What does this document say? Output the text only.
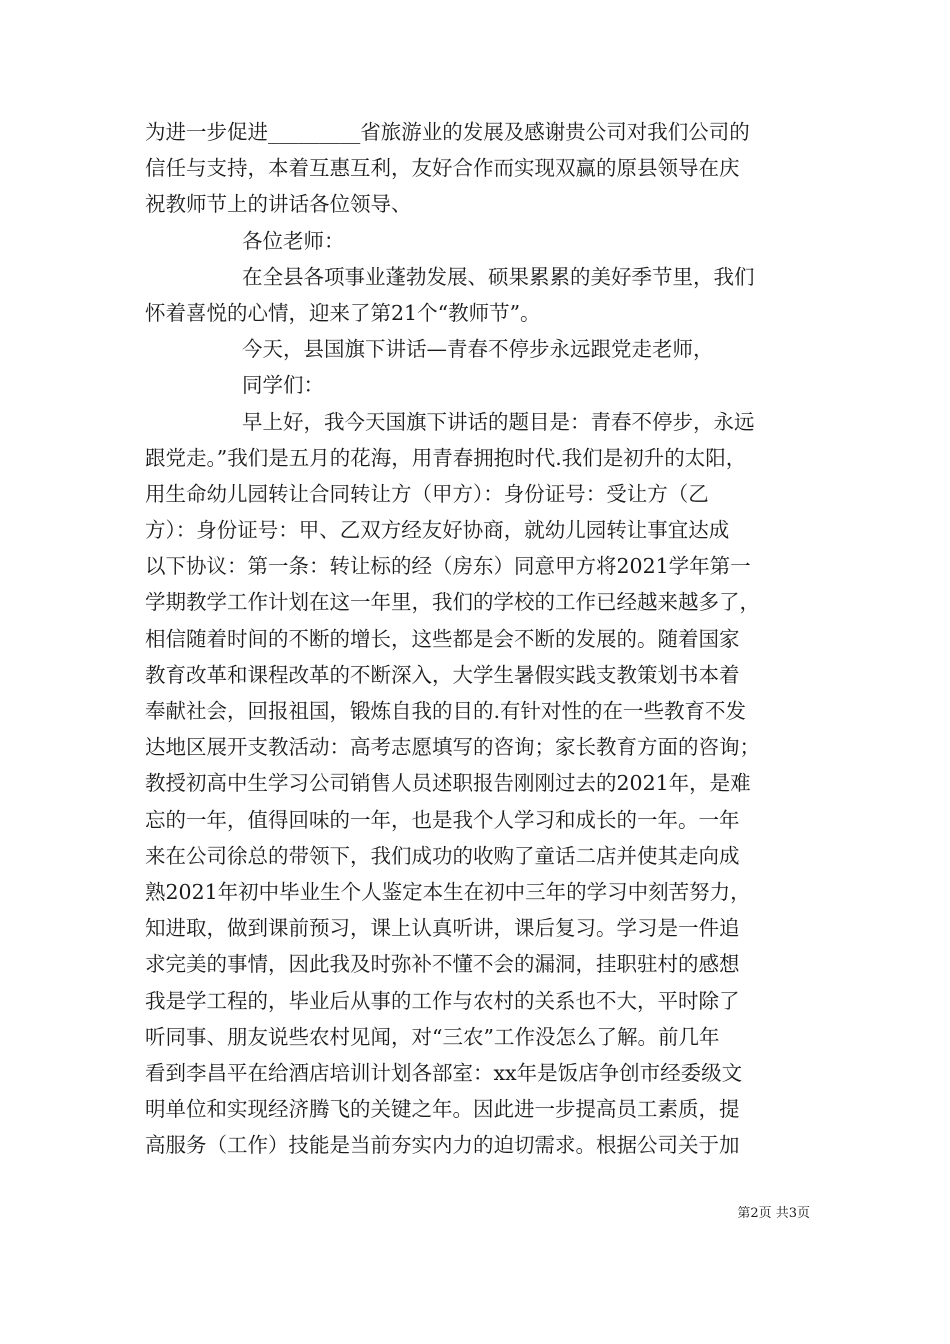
为进一步促进_________省旅游业的发展及感谢贵公司对我们公司的
信任与支持，本着互惠互利，友好合作而实现双赢的原县领导在庆
祝教师节上的讲话各位领导、
各位老师：
在全县各项事业蓬勃发展、硕果累累的美好季节里，我们
怀着喜悦的心情，迎来了第21个“教师节”。
今天，县国旗下讲话—青春不停步永远跟党走老师，
同学们：
早上好，我今天国旗下讲话的题目是：青春不停步，永远
跟党走。”我们是五月的花海，用青春拥抱时代.我们是初升的太阳，
用生命幼儿园转让合同转让方（甲方）：身份证号：受让方（乙
方）：身份证号：甲、乙双方经友好协商，就幼儿园转让事宜达成
以下协议：第一条：转让标的经（房东）同意甲方将2021学年第一
学期教学工作计划在这一年里，我们的学校的工作已经越来越多了，
相信随着时间的不断的增长，这些都是会不断的发展的。随着国家
教育改革和课程改革的不断深入，大学生暑假实践支教策划书本着
奉献社会，回报祖国，锻炼自我的目的.有针对性的在一些教育不发
达地区展开支教活动：高考志愿填写的咨询；家长教育方面的咨询；
教授初高中生学习公司销售人员述职报告刚刚过去的2021年，是难
忘的一年，值得回味的一年，也是我个人学习和成长的一年。一年
来在公司徐总的带领下，我们成功的收购了童话二店并使其走向成
熟2021年初中毕业生个人鉴定本生在初中三年的学习中刻苦努力，
知进取，做到课前预习，课上认真听讲，课后复习。学习是一件追
求完美的事情，因此我及时弥补不懂不会的漏洞，挂职驻村的感想
我是学工程的，毕业后从事的工作与农村的关系也不大，平时除了
听同事、朋友说些农村见闻，对“三农”工作没怎么了解。前几年
看到李昌平在给酒店培训计划各部室：xx年是饭店争创市经委级文
明单位和实现经济腾飞的关键之年。因此进一步提高员工素质，提
高服务（工作）技能是当前夯实内力的迫切需求。根据公司关于加
第2页 共3页
